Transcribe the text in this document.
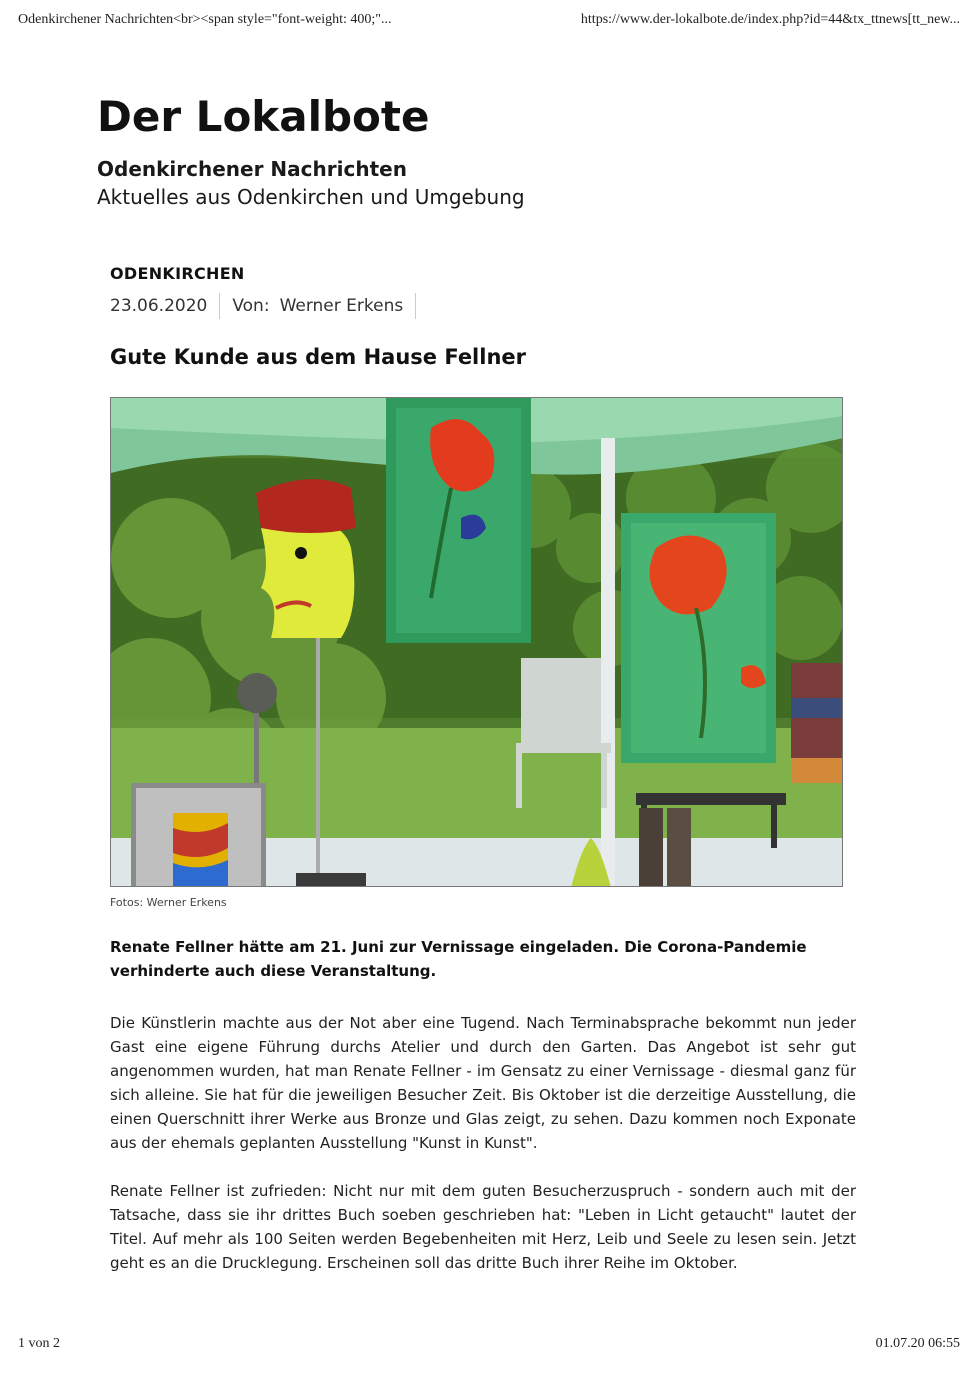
Odenkirchener Nachrichten<br><span style="font-weight: 400;"...	https://www.der-lokalbote.de/index.php?id=44&tx_ttnews[tt_new...
Der Lokalbote
Odenkirchener Nachrichten
Aktuelles aus Odenkirchen und Umgebung
ODENKIRCHEN
23.06.2020 Von: Werner Erkens
Gute Kunde aus dem Hause Fellner
Fotos: Werner Erkens

Renate Fellner hätte am 21. Juni zur Vernissage eingeladen. Die Corona-Pandemie verhinderte auch diese Veranstaltung.

Die Künstlerin machte aus der Not aber eine Tugend. Nach Terminabsprache bekommt nun jeder Gast eine eigene Führung durchs Atelier und durch den Garten. Das Angebot ist sehr gut angenommen wurden, hat man Renate Fellner - im Gensatz zu einer Vernissage - diesmal ganz für sich alleine. Sie hat für die jeweiligen Besucher Zeit. Bis Oktober ist die derzeitige Ausstellung, die einen Querschnitt ihrer Werke aus Bronze und Glas zeigt, zu sehen. Dazu kommen noch Exponate aus der ehemals geplanten Ausstellung "Kunst in Kunst".

Renate Fellner ist zufrieden: Nicht nur mit dem guten Besucherzuspruch - sondern auch mit der Tatsache, dass sie ihr drittes Buch soeben geschrieben hat: "Leben in Licht getaucht" lautet der Titel. Auf mehr als 100 Seiten werden Begebenheiten mit Herz, Leib und Seele zu lesen sein. Jetzt geht es an die Drucklegung. Erscheinen soll das dritte Buch ihrer Reihe im Oktober.

1 von 2	01.07.20 06:55
